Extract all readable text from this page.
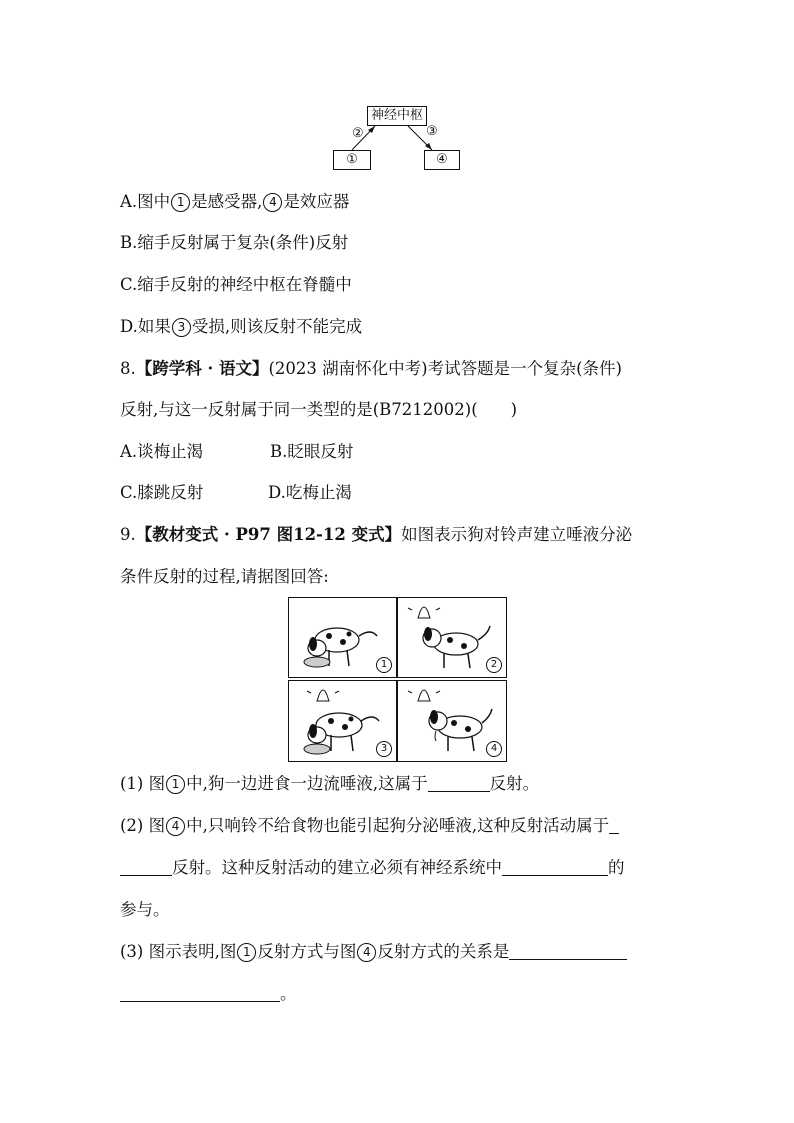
神经中枢
②	③
①	④
A.图中 1 是感受器, 4 是效应器
B.缩手反射属于复杂(条件)反射
C.缩手反射的神经中枢在脊髓中
D.如果 3 受损,则该反射不能完成
8.【跨学科 · 语文】(2023 湖南怀化中考)考试答题是一个复杂(条件)
反射,与这一反射属于同一类型的是(B7212002)(　　)
A.谈梅止渴	B.眨眼反射
C.膝跳反射	D.吃梅止渴
9.【教材变式 · P97 图12-12 变式】如图表示狗对铃声建立唾液分泌
条件反射的过程,请据图回答:
1	2
3	4
(1) 图 1 中,狗一边进食一边流唾液,这属于	反射。
(2) 图 4 中,只响铃不给食物也能引起狗分泌唾液,这种反射活动属于
反射。这种反射活动的建立必须有神经系统中	的
参与。
(3) 图示表明,图 1 反射方式与图 4 反射方式的关系是
。
